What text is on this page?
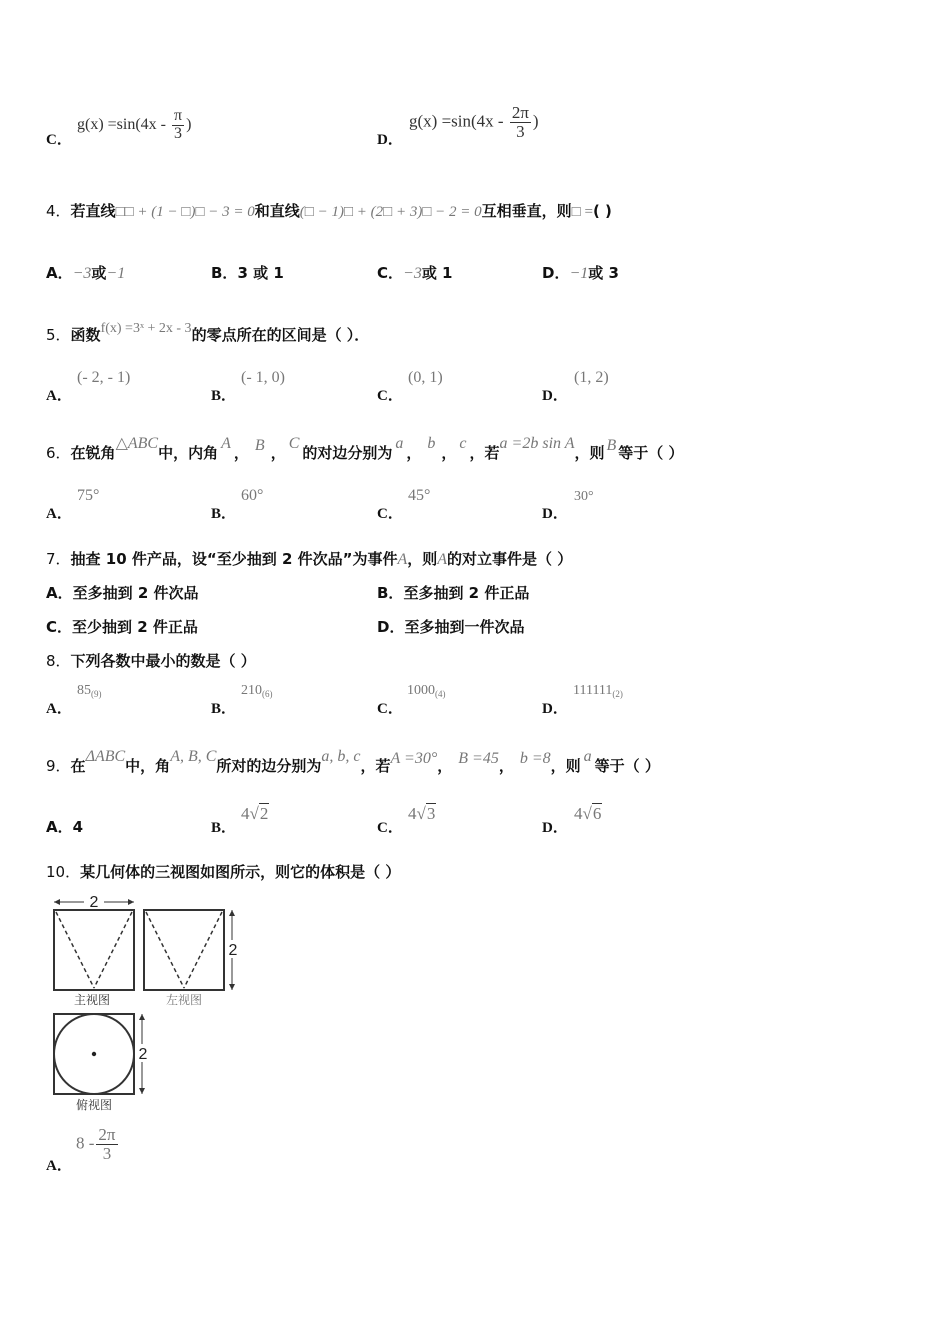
C．
$g(x) =\sin(4x - \frac{\pi}{3}$ )
D．
$g(x) =\sin(4x - \frac{2\pi}{3}$ )
4．若直线□□ + (1 − □)□ − 3 = 0和直线(□ − 1)□ + (2□ + 3)□ − 2 = 0互相垂直，则□ =( )
A．−3或−1	B．3 或 1	C．−3或 1	D．−1或 3
5．函数f(x) =3ˣ + 2x - 3的零点所在的区间是（ ）．
A．
(- 2, - 1)
B．
(- 1, 0)
C．
(0, 1)
D．
(1, 2)
6．在锐角△ABC中，内角A， B ，C的对边分别为a，b，c，若a =2b sin A，则 B 等于（ ）
A．
75°
B．
60°
C．
45°
D．
30°
7．抽查 10 件产品，设“至少抽到 2 件次品”为事件A，则A的对立事件是（ ）
A．至多抽到 2 件次品	B．至多抽到 2 件正品
C．至少抽到 2 件正品	D．至多抽到一件次品
8．下列各数中最小的数是（ ）
A．
$85_{(9)}$
B．
$210_{(6)}$
C．
$1000_{(4)}$
D．
$111111_{(2)}$
9．在ΔABC中，角A, B, C所对的边分别为a, b, c，若A =30°， B =45， b =8，则a等于（ ）
A．4	B．
4√2
C．
4√3
D．
4√6
10．某几何体的三视图如图所示，则它的体积是（ ）
2
主视图
2
左视图
2
俯视图
A．
$8 - \frac{2\pi}{3}$
